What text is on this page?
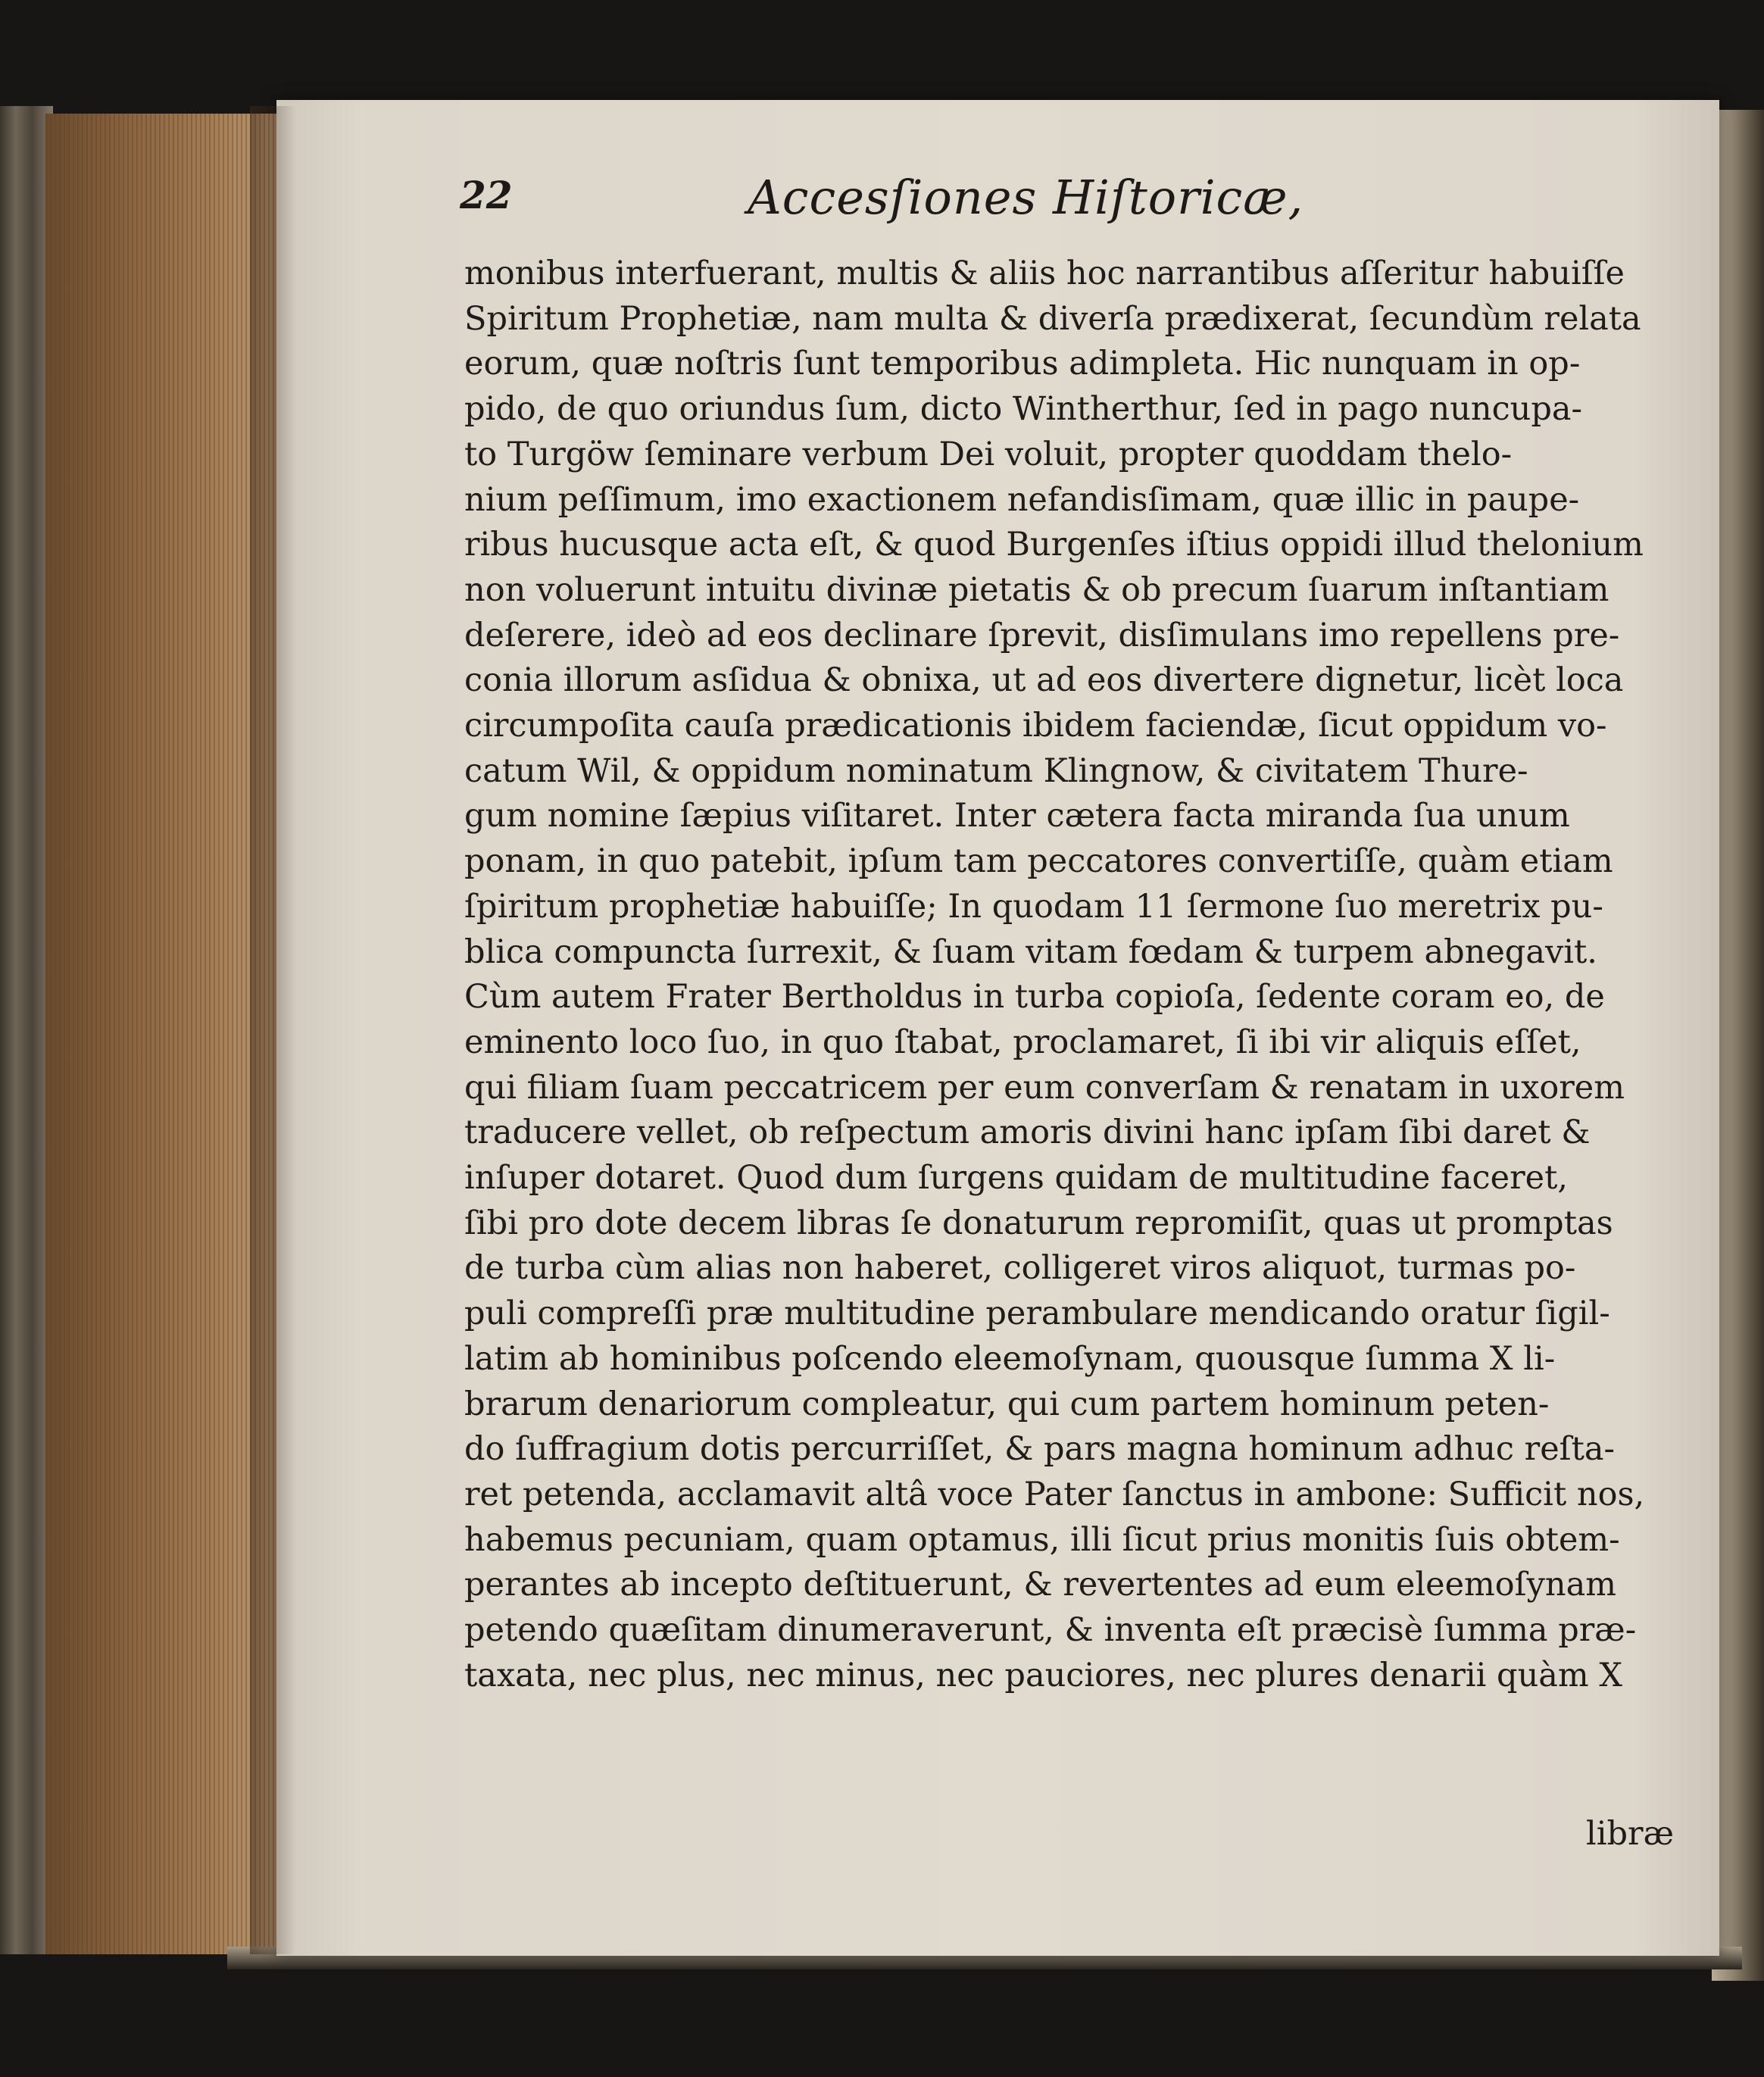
22	Accesſiones Hiſtoricæ,

monibus interfuerant, multis & aliis hoc narrantibus aſſeritur habuiſſe
Spiritum Prophetiæ, nam multa & diverſa prædixerat, ſecundùm relata
eorum, quæ noſtris ſunt temporibus adimpleta. Hic nunquam in op-
pido, de quo oriundus ſum, dicto Wintherthur, ſed in pago nuncupa-
to Turgöw ſeminare verbum Dei voluit, propter quoddam thelo-
nium peſſimum, imo exactionem nefandisſimam, quæ illic in paupe-
ribus hucusque acta eſt, & quod Burgenſes iſtius oppidi illud thelonium
non voluerunt intuitu divinæ pietatis & ob precum ſuarum inſtantiam
deſerere, ideò ad eos declinare ſprevit, disſimulans imo repellens pre-
conia illorum asſidua & obnixa, ut ad eos divertere dignetur, licèt loca
circumpoſita cauſa prædicationis ibidem faciendæ, ſicut oppidum vo-
catum Wil, & oppidum nominatum Klingnow, & civitatem Thure-
gum nomine ſæpius viſitaret. Inter cætera facta miranda ſua unum
ponam, in quo patebit, ipſum tam peccatores convertiſſe, quàm etiam
ſpiritum prophetiæ habuiſſe; In quodam 11 ſermone ſuo meretrix pu-
blica compuncta ſurrexit, & ſuam vitam fœdam & turpem abnegavit.
Cùm autem Frater Bertholdus in turba copioſa, ſedente coram eo, de
eminento loco ſuo, in quo ſtabat, proclamaret, ſi ibi vir aliquis eſſet,
qui filiam ſuam peccatricem per eum converſam & renatam in uxorem
traducere vellet, ob reſpectum amoris divini hanc ipſam ſibi daret &
inſuper dotaret. Quod dum ſurgens quidam de multitudine faceret,
ſibi pro dote decem libras ſe donaturum repromiſit, quas ut promptas
de turba cùm alias non haberet, colligeret viros aliquot, turmas po-
puli compreſſi præ multitudine perambulare mendicando oratur ſigil-
latim ab hominibus poſcendo eleemoſynam, quousque ſumma X li-
brarum denariorum compleatur, qui cum partem hominum peten-
do ſuffragium dotis percurriſſet, & pars magna hominum adhuc reſta-
ret petenda, acclamavit altâ voce Pater ſanctus in ambone: Sufficit nos,
habemus pecuniam, quam optamus, illi ſicut prius monitis ſuis obtem-
perantes ab incepto deſtituerunt, & revertentes ad eum eleemoſynam
petendo quæſitam dinumeraverunt, & inventa eſt præcisè ſumma præ-
taxata, nec plus, nec minus, nec pauciores, nec plures denarii quàm X

libræ
